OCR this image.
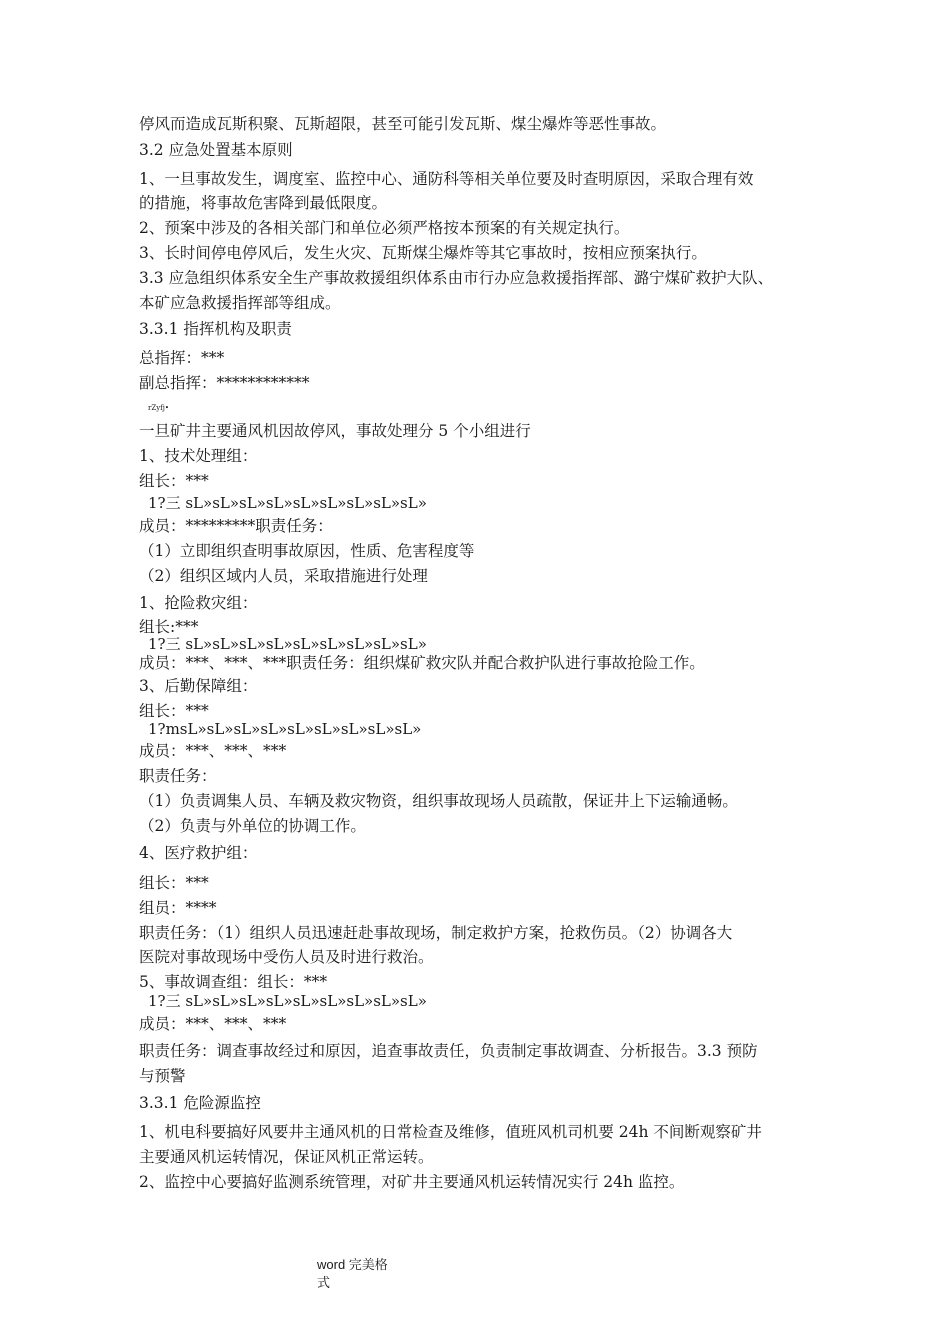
停风而造成瓦斯积聚、瓦斯超限，甚至可能引发瓦斯、煤尘爆炸等恶性事故。
3.2 应急处置基本原则
1、一旦事故发生，调度室、监控中心、通防科等相关单位要及时查明原因，采取合理有效
的措施，将事故危害降到最低限度。
2、预案中涉及的各相关部门和单位必须严格按本预案的有关规定执行。
3、长时间停电停风后，发生火灾、瓦斯煤尘爆炸等其它事故时，按相应预案执行。
3.3 应急组织体系安全生产事故救援组织体系由市行办应急救援指挥部、潞宁煤矿救护大队、
本矿应急救援指挥部等组成。
3.3.1 指挥机构及职责
总指挥：***
副总指挥：************
rZyfj•
一旦矿井主要通风机因故停风，事故处理分 5 个小组进行
1、技术处理组：
组长：***
1?三 sL»sL»sL»sL»sL»sL»sL»sL»sL»
成员：*********职责任务：
（1）立即组织查明事故原因，性质、危害程度等
（2）组织区域内人员，采取措施进行处理
1、抢险救灾组：
组长:***
1?三 sL»sL»sL»sL»sL»sL»sL»sL»sL»
成员：***、***、***职责任务：组织煤矿救灾队并配合救护队进行事故抢险工作。
3、后勤保障组：
组长：***
1?msL»sL»sL»sL»sL»sL»sL»sL»sL»
成员：***、***、***
职责任务：
（1）负责调集人员、车辆及救灾物资，组织事故现场人员疏散，保证井上下运输通畅。
（2）负责与外单位的协调工作。
4、医疗救护组：
组长：***
组员：****
职责任务：（1）组织人员迅速赶赴事故现场，制定救护方案，抢救伤员。（2）协调各大
医院对事故现场中受伤人员及时进行救治。
5、事故调查组：组长：***
1?三 sL»sL»sL»sL»sL»sL»sL»sL»sL»
成员：***、***、***
职责任务：调查事故经过和原因，追查事故责任，负责制定事故调查、分析报告。3.3 预防
与预警
3.3.1 危险源监控
1、机电科要搞好风要井主通风机的日常检查及维修，值班风机司机要 24h 不间断观察矿井
主要通风机运转情况，保证风机正常运转。
2、监控中心要搞好监测系统管理，对矿井主要通风机运转情况实行 24h 监控。
word 完美格
式
